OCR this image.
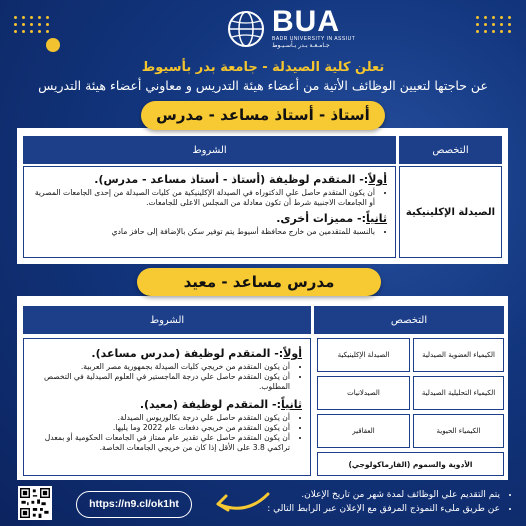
BUA
BADR UNIVERSITY IN ASSIUT
جـامـعـة بـدر بـأسـيـوط
تعلن كلية الصيدلة - جامعة بدر بأسيوط
عن حاجتها لتعيين الوظائف الأتية من أعضاء هيئة التدريس و معاوني أعضاء هيئة التدريس
التخصص
الشروط
الصيدلة الإكلينيكية
أولاً:- المتقدم لوظيفة (أستاذ - أستاذ مساعد - مدرس).
• أن يكون المتقدم حاصل علي الدكتوراه في الصيدلة الإكلينيكية من كليات الصيدلة من إحدى الجامعات المصرية أو الجامعات الاجنبية شرط أن تكون معادلة من المجلس الاعلى للجامعات.
ثانياً:- مميزات أخرى.
• بالنسبة للمتقدمين من خارج محافظة أسيوط يتم توفير سكن بالإضافة إلى حافز مادي
أستاذ - أستاذ مساعد - مدرس
التخصص
الشروط
الكيمياء العضوية الصيدلية
الصيدلة الإكلينيكية
الكيمياء التحليلية الصيدلية
الصيدلانيات
الكيمياء الحيوية
العقاقير
الأدوية والسموم (الفارماكولوجي)
أولاً:- المتقدم لوظيفة (مدرس مساعد).
• أن يكون المتقدم من خريجي كليات الصيدلة بجمهورية مصر العربية.
• أن يكون المتقدم حاصل علي درجة الماجستير في العلوم الصيدلية في التخصص المطلوب.
ثانياً:- المتقدم لوظيفة (معيد).
• أن يكون المتقدم حاصل علي درجة بكالوريوس الصيدلة.
• أن يكون المتقدم من خريجي دفعات عام 2022 وما يليها.
• أن يكون المتقدم حاصل علي تقدير عام ممتاز في الجامعات الحكومية أو بمعدل تراكمي 3.8 على الأقل إذا كان من خريجي الجامعات الخاصة.
مدرس مساعد - معيد
• يتم التقديم علي الوظائف لمدة شهر من تاريخ الإعلان.
• عن طريق ملىء النموذج المرفق مع الإعلان عبر الرابط التالي :
https://n9.cl/ok1ht
